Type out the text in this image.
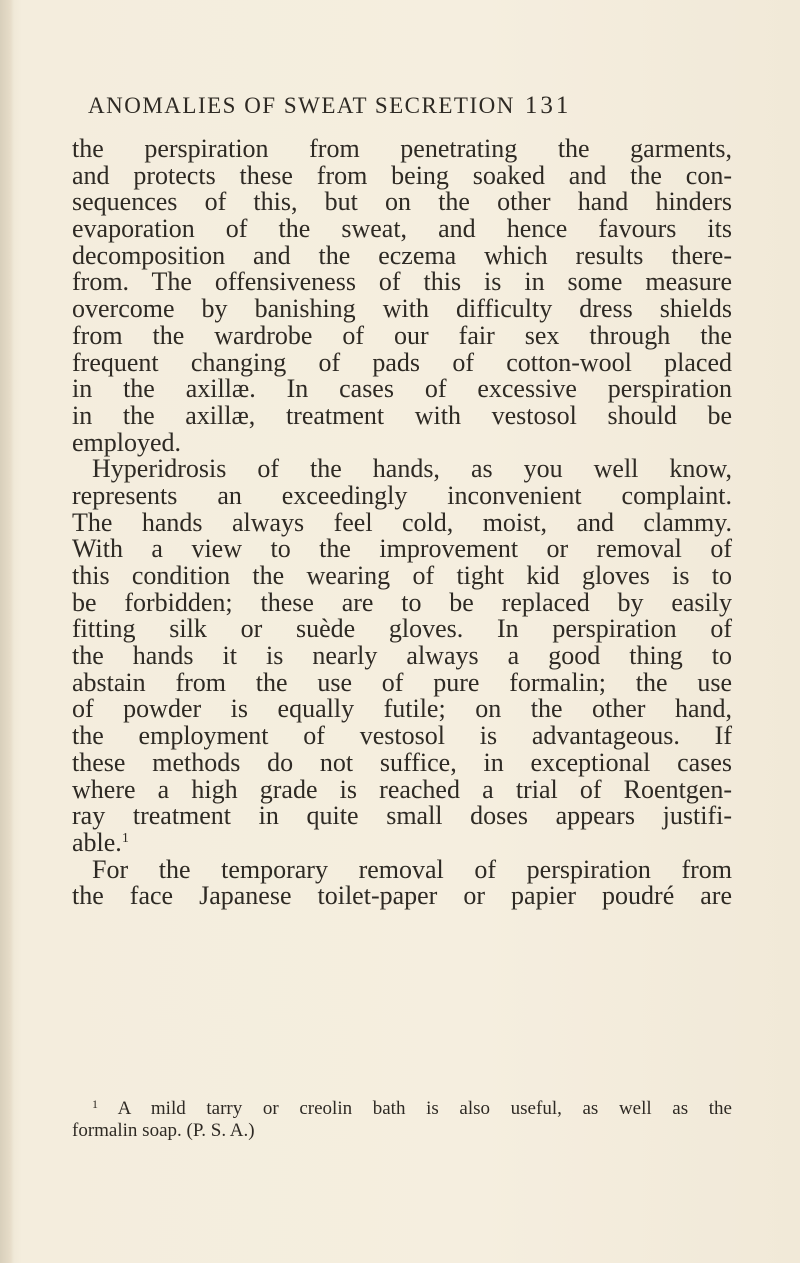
ANOMALIES OF SWEAT SECRETION 131
the perspiration from penetrating the garments,
and protects these from being soaked and the con-
sequences of this, but on the other hand hinders
evaporation of the sweat, and hence favours its
decomposition and the eczema which results there-
from. The offensiveness of this is in some measure
overcome by banishing with difficulty dress shields
from the wardrobe of our fair sex through the
frequent changing of pads of cotton-wool placed
in the axillæ. In cases of excessive perspiration
in the axillæ, treatment with vestosol should be
employed.
Hyperidrosis of the hands, as you well know,
represents an exceedingly inconvenient complaint.
The hands always feel cold, moist, and clammy.
With a view to the improvement or removal of
this condition the wearing of tight kid gloves is to
be forbidden; these are to be replaced by easily
fitting silk or suède gloves. In perspiration of
the hands it is nearly always a good thing to
abstain from the use of pure formalin; the use
of powder is equally futile; on the other hand,
the employment of vestosol is advantageous. If
these methods do not suffice, in exceptional cases
where a high grade is reached a trial of Roentgen-
ray treatment in quite small doses appears justifi-
able.$^1$
For the temporary removal of perspiration from
the face Japanese toilet-paper or papier poudré are
$^1$ A mild tarry or creolin bath is also useful, as well as the
formalin soap. (P. S. A.)
